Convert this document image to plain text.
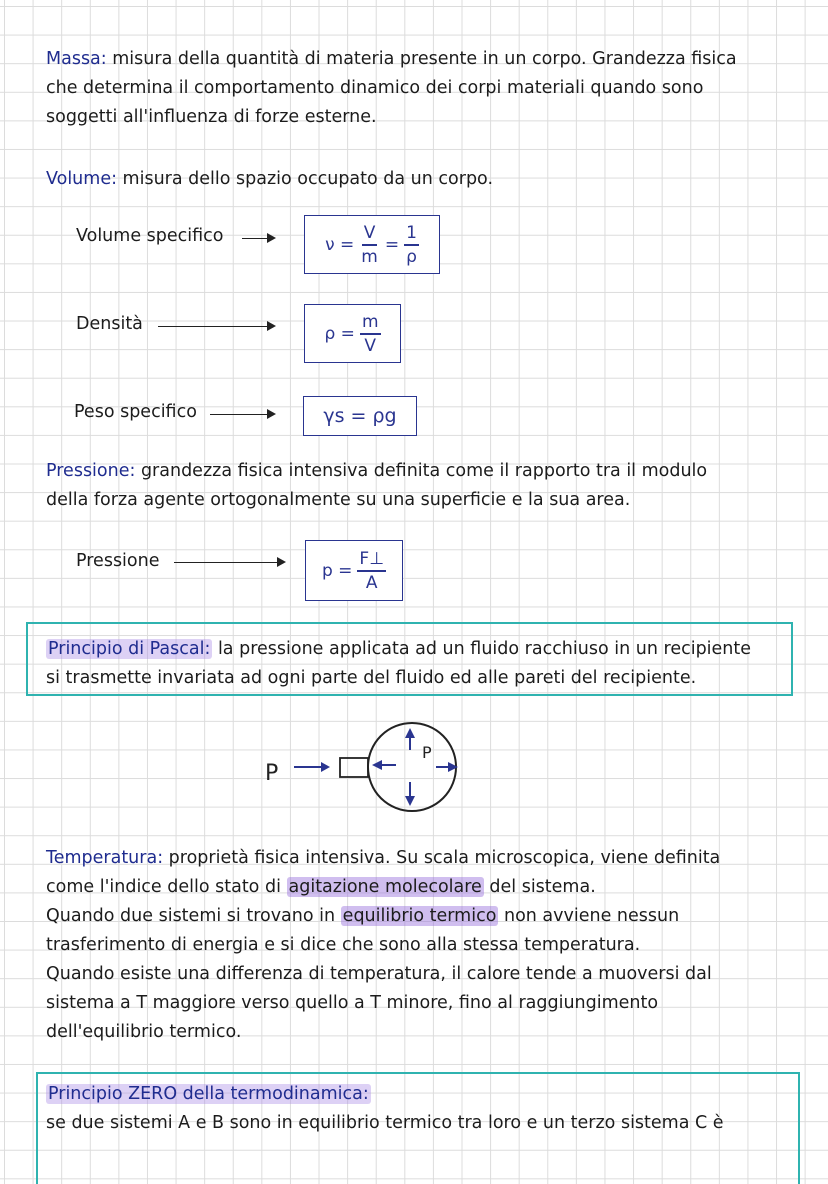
Massa: misura della quantità di materia presente in un corpo. Grandezza fisica
che determina il comportamento dinamico dei corpi materiali quando sono
soggetti all'influenza di forze esterne.
Volume: misura dello spazio occupato da un corpo.
Volume specifico	$\nu = \frac{V}{m} = \frac{1}{\rho}$
Densità	$\rho = \frac{m}{V}$
Peso specifico	γs = ρg
Pressione: grandezza fisica intensiva definita come il rapporto tra il modulo
della forza agente ortogonalmente su una superficie e la sua area.
Pressione	$p = \frac{F\perp}{A}$
Principio di Pascal: la pressione applicata ad un fluido racchiuso in un recipiente
si trasmette invariata ad ogni parte del fluido ed alle pareti del recipiente.
P
P
Temperatura: proprietà fisica intensiva. Su scala microscopica, viene definita
come l'indice dello stato di agitazione molecolare del sistema.
Quando due sistemi si trovano in equilibrio termico non avviene nessun
trasferimento di energia e si dice che sono alla stessa temperatura.
Quando esiste una differenza di temperatura, il calore tende a muoversi dal
sistema a T maggiore verso quello a T minore, fino al raggiungimento
dell'equilibrio termico.
Principio ZERO della termodinamica:
se due sistemi A e B sono in equilibrio termico tra loro e un terzo sistema C è
